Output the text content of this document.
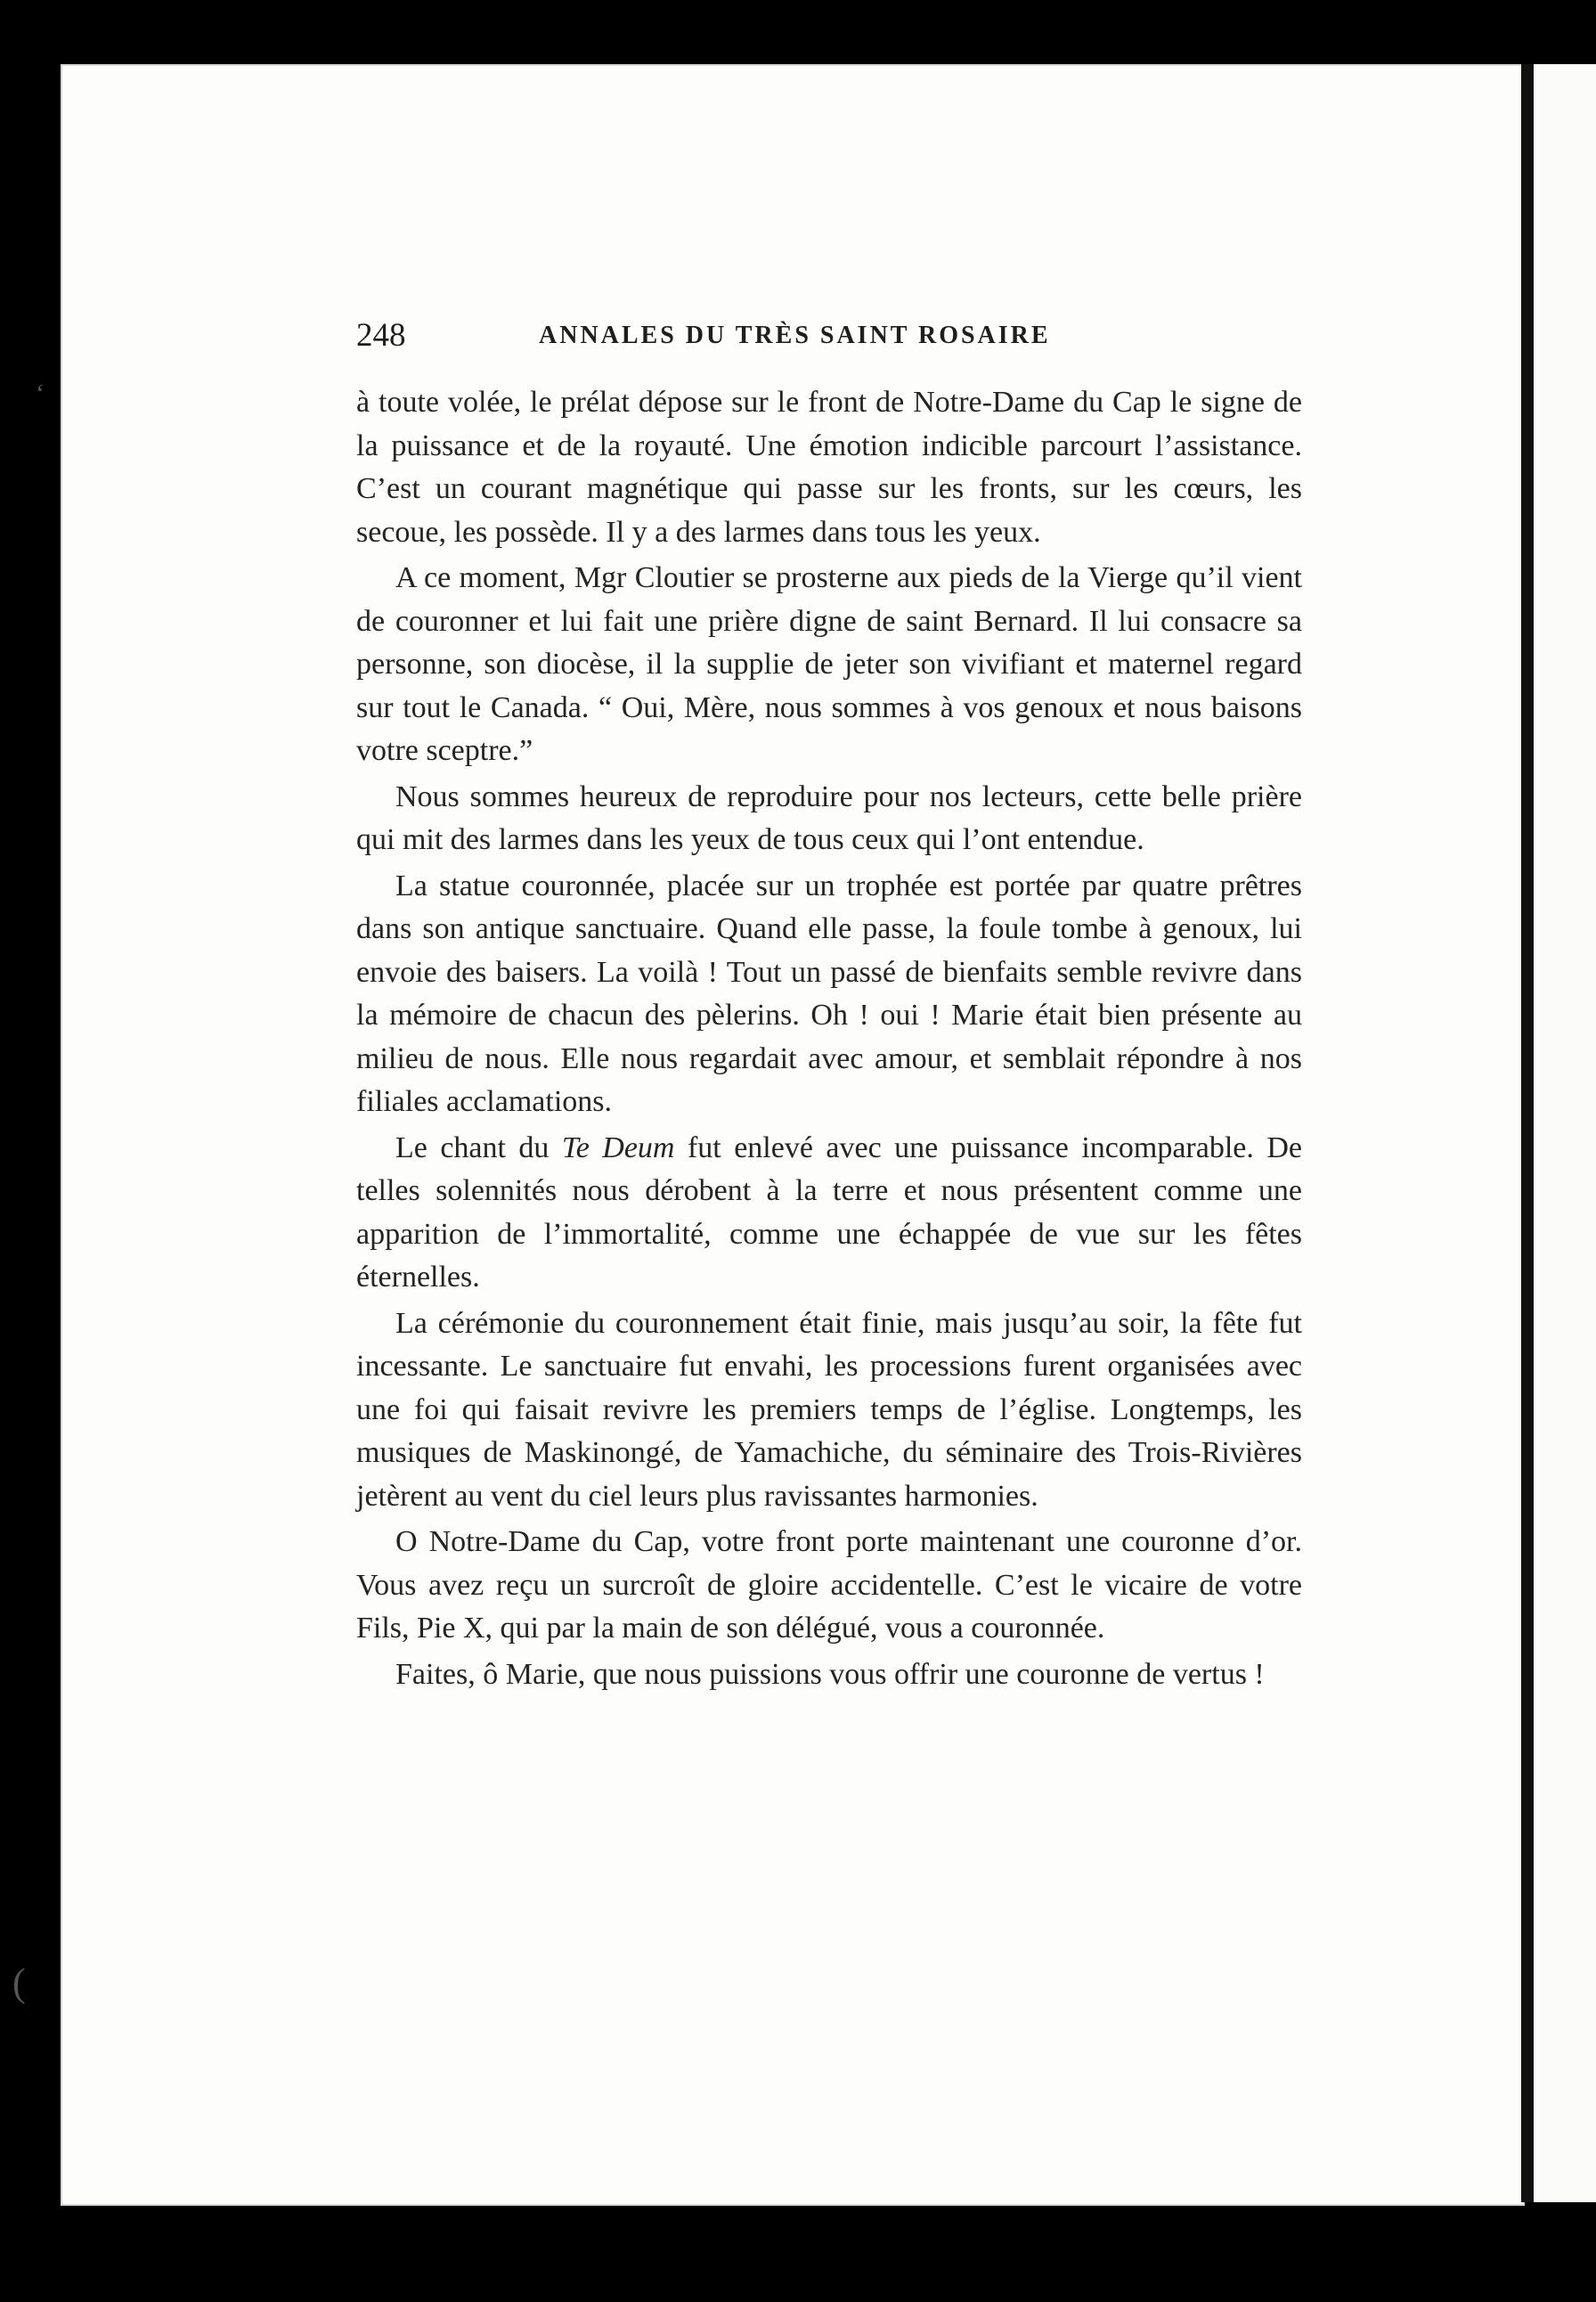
248	ANNALES DU TRÈS SAINT ROSAIRE

à toute volée, le prélat dépose sur le front de Notre-Dame du Cap le signe de la puissance et de la royauté. Une émotion indicible parcourt l’assistance. C’est un courant magnétique qui passe sur les fronts, sur les cœurs, les secoue, les possède. Il y a des larmes dans tous les yeux.

A ce moment, Mgr Cloutier se prosterne aux pieds de la Vierge qu’il vient de couronner et lui fait une prière digne de saint Bernard. Il lui consacre sa personne, son diocèse, il la supplie de jeter son vivifiant et maternel regard sur tout le Canada. “ Oui, Mère, nous sommes à vos genoux et nous baisons votre sceptre.”

Nous sommes heureux de reproduire pour nos lecteurs, cette belle prière qui mit des larmes dans les yeux de tous ceux qui l’ont entendue.

La statue couronnée, placée sur un trophée est portée par quatre prêtres dans son antique sanctuaire. Quand elle passe, la foule tombe à genoux, lui envoie des baisers. La voilà ! Tout un passé de bienfaits semble revivre dans la mémoire de chacun des pèlerins. Oh ! oui ! Marie était bien présente au milieu de nous. Elle nous regardait avec amour, et semblait répondre à nos filiales acclamations.

Le chant du Te Deum fut enlevé avec une puissance incomparable. De telles solennités nous dérobent à la terre et nous présentent comme une apparition de l’immortalité, comme une échappée de vue sur les fêtes éternelles.

La cérémonie du couronnement était finie, mais jusqu’au soir, la fête fut incessante. Le sanctuaire fut envahi, les processions furent organisées avec une foi qui faisait revivre les premiers temps de l’église. Longtemps, les musiques de Maskinongé, de Yamachiche, du séminaire des Trois-Rivières jetèrent au vent du ciel leurs plus ravissantes harmonies.

O Notre-Dame du Cap, votre front porte maintenant une couronne d’or. Vous avez reçu un surcroît de gloire accidentelle. C’est le vicaire de votre Fils, Pie X, qui par la main de son délégué, vous a couronnée.

Faites, ô Marie, que nous puissions vous offrir une couronne de vertus !

‘
(
